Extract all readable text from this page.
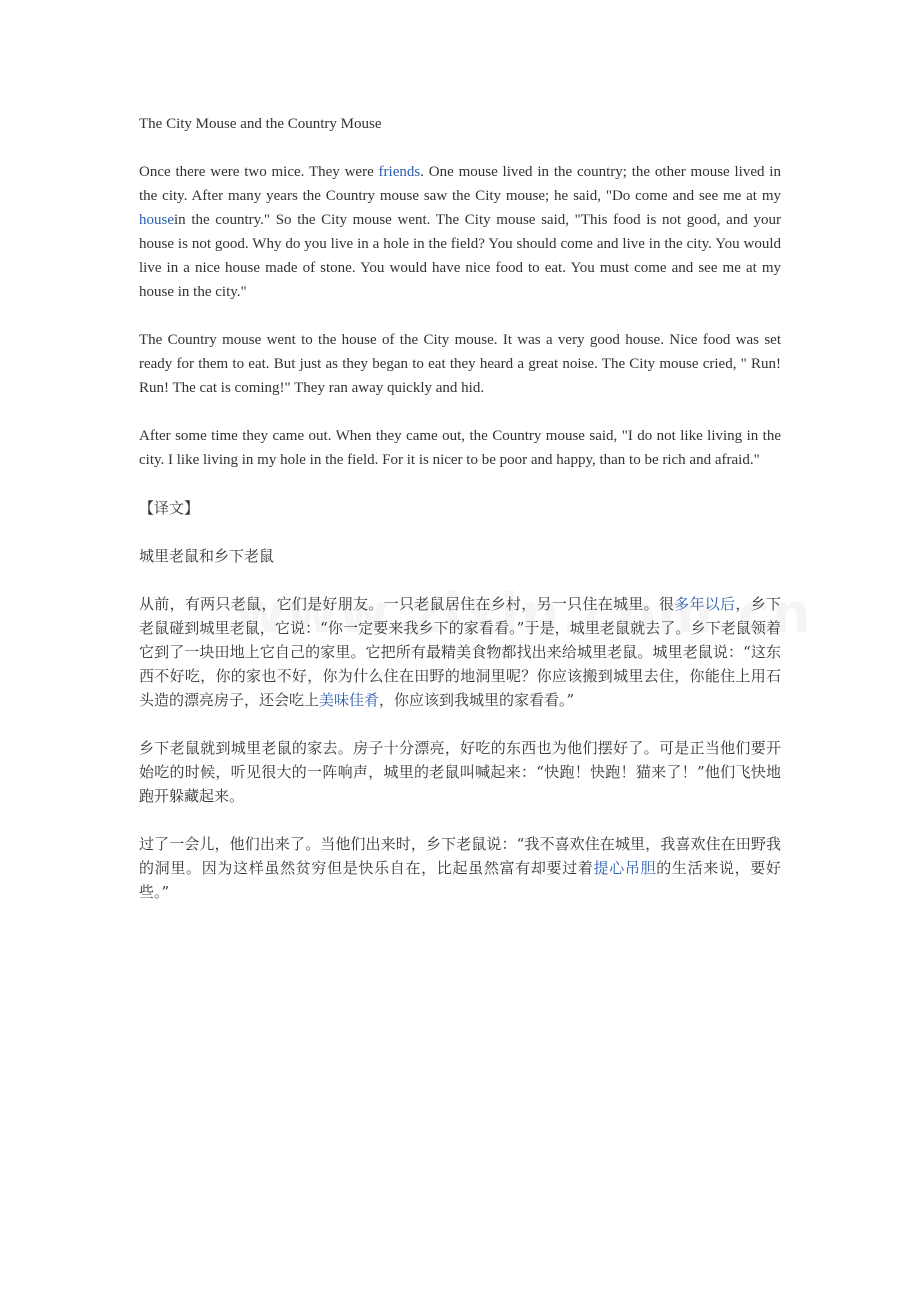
The City Mouse and the Country Mouse

Once there were two mice. They were friends. One mouse lived in the country; the other mouse lived in the city. After many years the Country mouse saw the City mouse; he said, "Do come and see me at my housein the country." So the City mouse went. The City mouse said, "This food is not good, and your house is not good. Why do you live in a hole in the field? You should come and live in the city. You would live in a nice house made of stone. You would have nice food to eat. You must come and see me at my house in the city."

The Country mouse went to the house of the City mouse. It was a very good house. Nice food was set ready for them to eat. But just as they began to eat they heard a great noise. The City mouse cried, " Run! Run! The cat is coming!" They ran away quickly and hid.

After some time they came out. When they came out, the Country mouse said, "I do not like living in the city. I like living in my hole in the field. For it is nicer to be poor and happy, than to be rich and afraid."

【译文】

城里老鼠和乡下老鼠

从前，有两只老鼠，它们是好朋友。一只老鼠居住在乡村，另一只住在城里。很多年以后，乡下老鼠碰到城里老鼠，它说：“你一定要来我乡下的家看看。”于是，城里老鼠就去了。乡下老鼠领着它到了一块田地上它自己的家里。它把所有最精美食物都找出来给城里老鼠。城里老鼠说：“这东西不好吃，你的家也不好，你为什么住在田野的地洞里呢？你应该搬到城里去住，你能住上用石头造的漂亮房子，还会吃上美味佳肴，你应该到我城里的家看看。”

乡下老鼠就到城里老鼠的家去。房子十分漂亮，好吃的东西也为他们摆好了。可是正当他们要开始吃的时候，听见很大的一阵响声，城里的老鼠叫喊起来：“快跑！快跑！猫来了！”他们飞快地跑开躲藏起来。

过了一会儿，他们出来了。当他们出来时，乡下老鼠说：“我不喜欢住在城里，我喜欢住在田野我的洞里。因为这样虽然贫穷但是快乐自在，比起虽然富有却要过着提心吊胆的生活来说，要好些。”
